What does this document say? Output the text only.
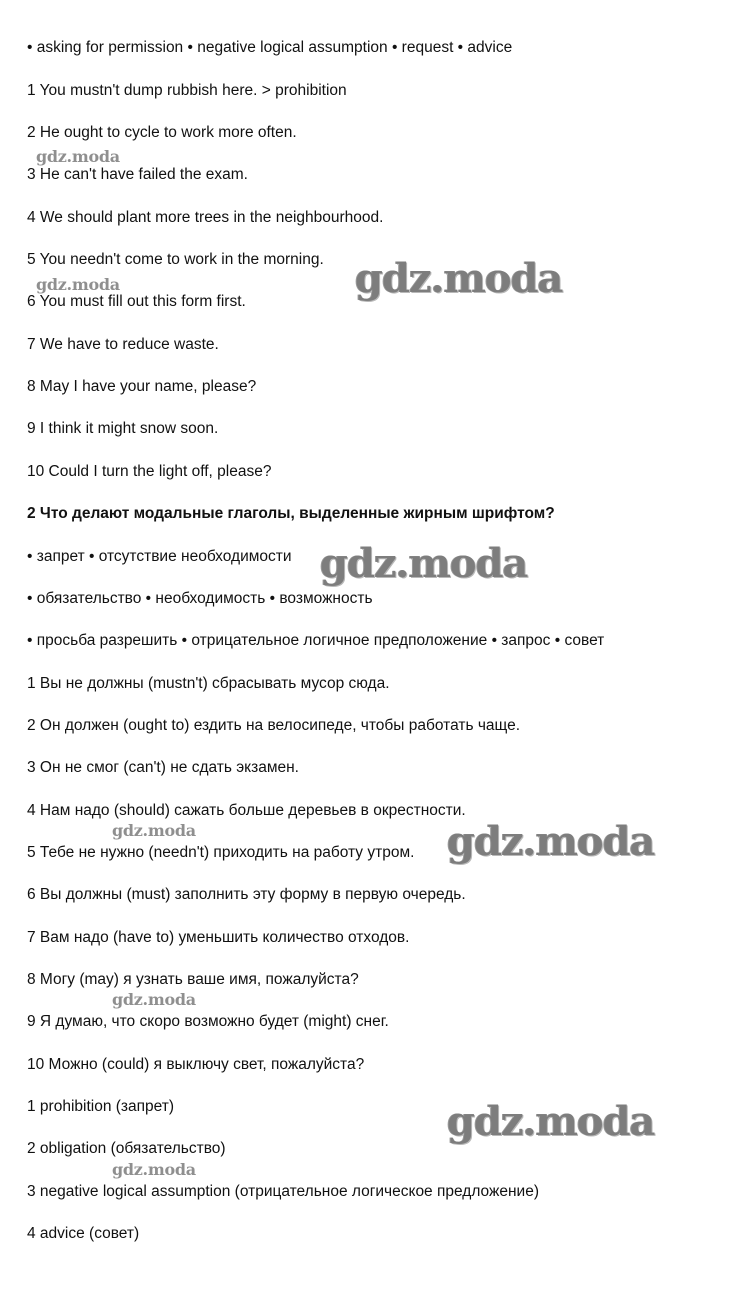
• asking for permission • negative logical assumption • request • advice
1 You mustn't dump rubbish here. > prohibition
2 He ought to cycle to work more often.
3 He can't have failed the exam.
4 We should plant more trees in the neighbourhood.
5 You needn't come to work in the morning.
6 You must fill out this form first.
7 We have to reduce waste.
8 May I have your name, please?
9 I think it might snow soon.
10 Could I turn the light off, please?
2 Что делают модальные глаголы, выделенные жирным шрифтом?
• запрет • отсутствие необходимости
• обязательство • необходимость • возможность
• просьба разрешить • отрицательное логичное предположение • запрос • совет
1 Вы не должны (mustn't) сбрасывать мусор сюда.
2 Он должен (ought to) ездить на велосипеде, чтобы работать чаще.
3 Он не смог (can't) не сдать экзамен.
4 Нам надо (should) сажать больше деревьев в окрестности.
5 Тебе не нужно (needn't) приходить на работу утром.
6 Вы должны (must) заполнить эту форму в первую очередь.
7 Вам надо (have to) уменьшить количество отходов.
8 Могу (may) я узнать ваше имя, пожалуйста?
9 Я думаю, что скоро возможно будет (might) снег.
10 Можно (could) я выключу свет, пожалуйста?
1 prohibition (запрет)
2 obligation (обязательство)
3 negative logical assumption (отрицательное логическое предложение)
4 advice (совет)
gdz.moda
gdz.moda	gdz.moda
gdz.moda
gdz.moda	gdz.moda
gdz.moda
gdz.moda
gdz.moda
